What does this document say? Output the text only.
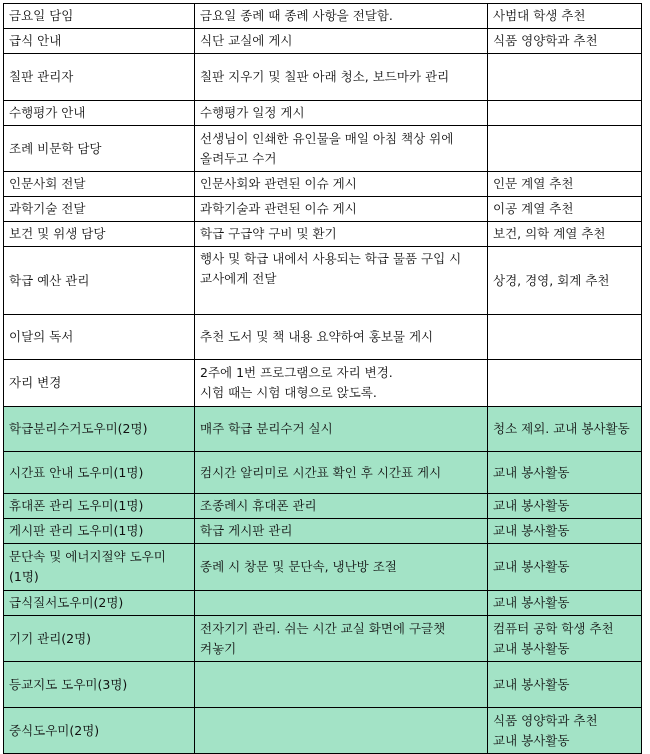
금요일 담임	금요일 종례 때 종례 사항을 전달함.	사범대 학생 추천
급식 안내	식단 교실에 게시	식품 영양학과 추천
칠판 관리자	칠판 지우기 및 칠판 아래 청소, 보드마카 관리	
수행평가 안내	수행평가 일정 게시	
조례 비문학 담당	선생님이 인쇄한 유인물을 매일 아침 책상 위에 올려두고 수거	
인문사회 전달	인문사회와 관련된 이슈 게시	인문 계열 추천
과학기술 전달	과학기술과 관련된 이슈 게시	이공 계열 추천
보건 및 위생 담당	학급 구급약 구비 및 환기	보건, 의학 계열 추천
학급 예산 관리	행사 및 학급 내에서 사용되는 학급 물품 구입 시 교사에게 전달	상경, 경영, 회계 추천
이달의 독서	추천 도서 및 책 내용 요약하여 홍보물 게시	
자리 변경	2주에 1번 프로그램으로 자리 변경.
시험 때는 시험 대형으로 앉도록.	
학급분리수거도우미(2명)	매주 학급 분리수거 실시	청소 제외. 교내 봉사활동
시간표 안내 도우미(1명)	컴시간 알리미로 시간표 확인 후 시간표 게시	교내 봉사활동
휴대폰 관리 도우미(1명)	조종례시 휴대폰 관리	교내 봉사활동
게시판 관리 도우미(1명)	학급 게시판 관리	교내 봉사활동
문단속 및 에너지절약 도우미(1명)	종례 시 창문 및 문단속, 냉난방 조절	교내 봉사활동
급식질서도우미(2명)		교내 봉사활동
기기 관리(2명)	전자기기 관리. 쉬는 시간 교실 화면에 구글챗 켜놓기	컴퓨터 공학 학생 추천
교내 봉사활동
등교지도 도우미(3명)		교내 봉사활동
중식도우미(2명)		식품 영양학과 추천
교내 봉사활동
